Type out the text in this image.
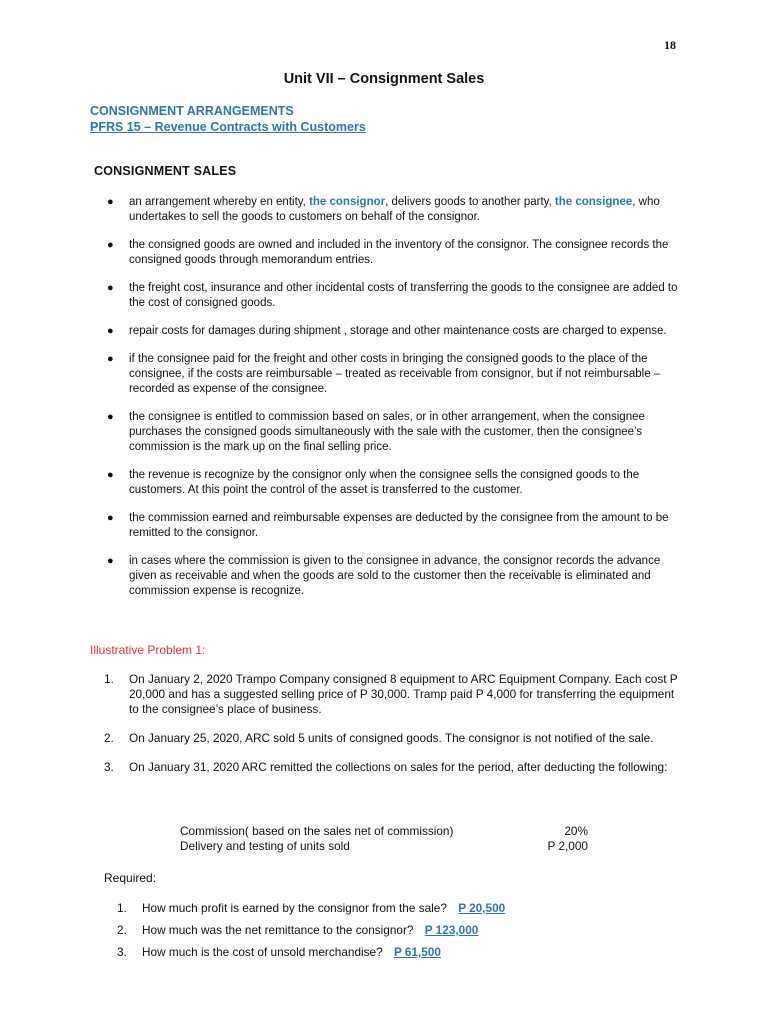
18
Unit VII – Consignment Sales
CONSIGNMENT ARRANGEMENTS
PFRS 15 – Revenue Contracts with Customers
CONSIGNMENT SALES
● an arrangement whereby en entity, the consignor, delivers goods to another party, the consignee, who undertakes to sell the goods to customers on behalf of the consignor.
● the consigned goods are owned and included in the inventory of the consignor. The consignee records the consigned goods through memorandum entries.
● the freight cost, insurance and other incidental costs of transferring the goods to the consignee are added to the cost of consigned goods.
● repair costs for damages during shipment , storage and other maintenance costs are charged to expense.
● if the consignee paid for the freight and other costs in bringing the consigned goods to the place of the consignee, if the costs are reimbursable – treated as receivable from consignor, but if not reimbursable – recorded as expense of the consignee.
● the consignee is entitled to commission based on sales, or in other arrangement, when the consignee purchases the consigned goods simultaneously with the sale with the customer, then the consignee’s commission is the mark up on the final selling price.
● the revenue is recognize by the consignor only when the consignee sells the consigned goods to the customers. At this point the control of the asset is transferred to the customer.
● the commission earned and reimbursable expenses are deducted by the consignee from the amount to be remitted to the consignor.
● in cases where the commission is given to the consignee in advance, the consignor records the advance given as receivable and when the goods are sold to the customer then the receivable is eliminated and commission expense is recognize.
Illustrative Problem 1:
1. On January 2, 2020 Trampo Company consigned 8 equipment to ARC Equipment Company. Each cost P 20,000 and has a suggested selling price of P 30,000. Tramp paid P 4,000 for transferring the equipment to the consignee’s place of business.
2. On January 25, 2020, ARC sold 5 units of consigned goods. The consignor is not notified of the sale.
3. On January 31, 2020 ARC remitted the collections on sales for the period, after deducting the following:
Commission( based on the sales net of commission)	20%
Delivery and testing of units sold	P 2,000
Required:
1. How much profit is earned by the consignor from the sale? P 20,500
2. How much was the net remittance to the consignor? P 123,000
3. How much is the cost of unsold merchandise? P 61,500
